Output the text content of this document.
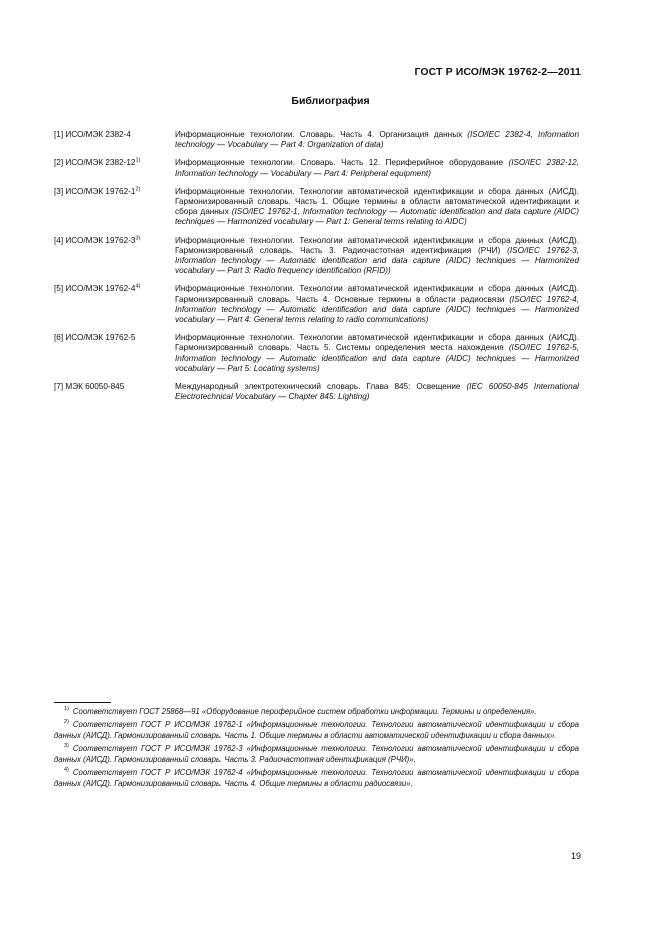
ГОСТ Р ИСО/МЭК 19762-2—2011
Библиография
[1] ИСО/МЭК 2382-4	Информационные технологии. Словарь. Часть 4. Организация данных (ISO/IEC 2382-4, Information technology — Vocabulary — Part 4: Organization of data)
[2] ИСО/МЭК 2382-12$^{1)}$	Информационные технологии. Словарь. Часть 12. Периферийное оборудование (ISO/IEC 2382-12, Information technology — Vocabulary — Part 4: Peripheral equipment)
[3] ИСО/МЭК 19762-1$^{2)}$	Информационные технологии. Технологии автоматической идентификации и сбора данных (АИСД). Гармонизированный словарь. Часть 1. Общие термины в области автоматической идентификации и сбора данных (ISO/IEC 19762-1, Information technology — Automatic identification and data capture (AIDC) techniques — Harmonized vocabulary — Part 1: General terms relating to AIDC)
[4] ИСО/МЭК 19762-3$^{3)}$	Информационные технологии. Технологии автоматической идентификации и сбора данных (АИСД). Гармонизированный словарь. Часть 3. Радиочастотная идентификация (РЧИ) (ISO/IEC 19762-3, Information technology — Automatic identification and data capture (AIDC) techniques — Harmonized vocabulary — Part 3: Radio frequency identification (RFID))
[5] ИСО/МЭК 19762-4$^{4)}$	Информационные технологии. Технологии автоматической идентификации и сбора данных (АИСД). Гармонизированный словарь. Часть 4. Основные термины в области радиосвязи (ISO/IEC 19762-4, Information technology — Automatic identification and data capture (AIDC) techniques — Harmonized vocabulary — Part 4: General terms relating to radio communications)
[6] ИСО/МЭК 19762-5	Информационные технологии. Технологии автоматической идентификации и сбора данных (АИСД). Гармонизированный словарь. Часть 5. Системы определения места нахождения (ISO/IEC 19762-5, Information technology — Automatic identification and data capture (AIDC) techniques — Harmonized vocabulary — Part 5: Locating systems)
[7] МЭК 60050-845	Международный электротехнический словарь. Глава 845: Освещение (IEC 60050-845 International Electrotechnical Vocabulary — Chapter 845: Lighting)
$^{1)}$ Соответствует ГОСТ 25868—91 «Оборудование периферийное систем обработки информации. Термины и определения».
$^{2)}$ Соответствует ГОСТ Р ИСО/МЭК 19762-1 «Информационные технологии. Технологии автоматической идентификации и сбора данных (АИСД). Гармонизированный словарь. Часть 1. Общие термины в области автоматической идентификации и сбора данных».
$^{3)}$ Соответствует ГОСТ Р ИСО/МЭК 19762-3 «Информационные технологии. Технологии автоматической идентификации и сбора данных (АИСД). Гармонизированный словарь. Часть 3. Радиочастотная идентификация (РЧИ)».
$^{4)}$ Соответствует ГОСТ Р ИСО/МЭК 19762-4 «Информационные технологии. Технологии автоматической идентификации и сбора данных (АИСД). Гармонизированный словарь. Часть 4. Общие термины в области радиосвязи».
19
